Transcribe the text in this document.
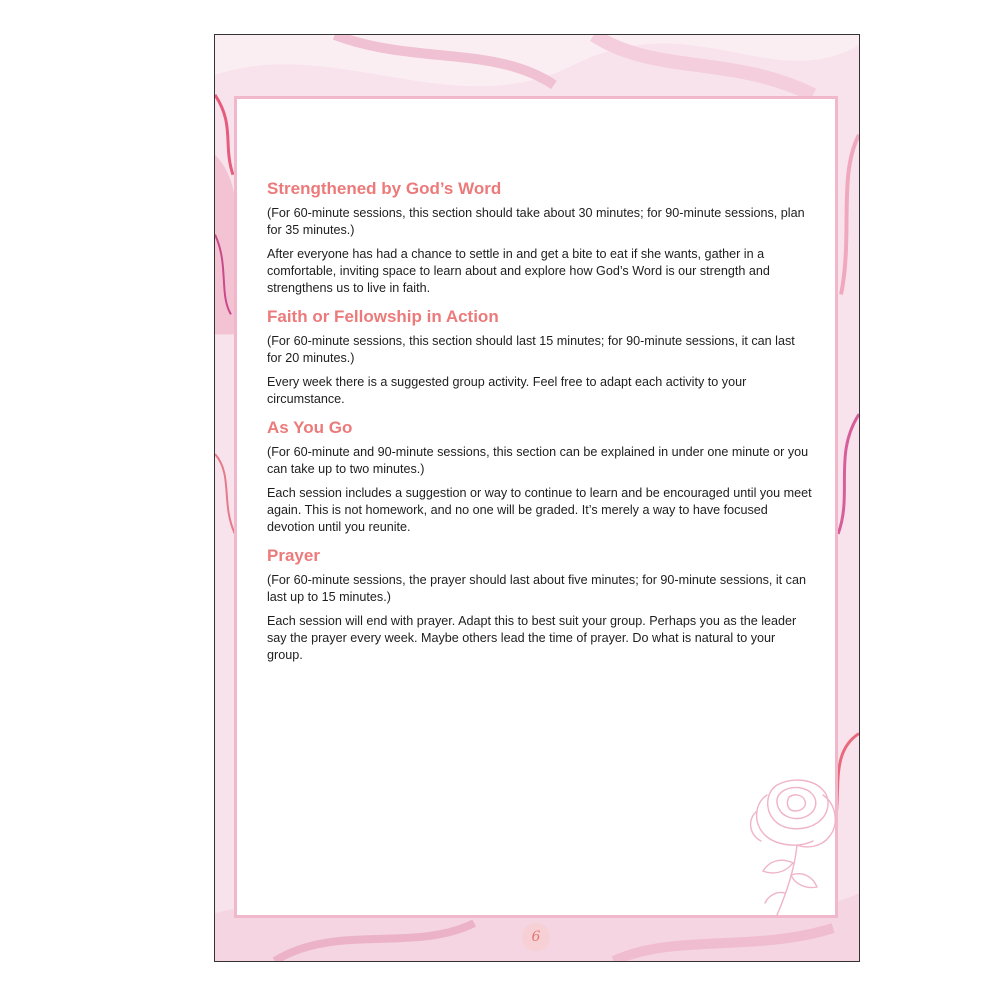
Strengthened by God’s Word

(For 60-minute sessions, this section should take about 30 minutes; for 90-minute sessions, plan for 35 minutes.)

After everyone has had a chance to settle in and get a bite to eat if she wants, gather in a comfortable, inviting space to learn about and explore how God’s Word is our strength and strengthens us to live in faith.

Faith or Fellowship in Action

(For 60-minute sessions, this section should last 15 minutes; for 90-minute sessions, it can last for 20 minutes.)

Every week there is a suggested group activity. Feel free to adapt each activity to your circumstance.

As You Go

(For 60-minute and 90-minute sessions, this section can be explained in under one minute or you can take up to two minutes.)

Each session includes a suggestion or way to continue to learn and be encouraged until you meet again. This is not homework, and no one will be graded. It’s merely a way to have focused devotion until you reunite.

Prayer

(For 60-minute sessions, the prayer should last about five minutes; for 90-minute sessions, it can last up to 15 minutes.)

Each session will end with prayer. Adapt this to best suit your group. Perhaps you as the leader say the prayer every week. Maybe others lead the time of prayer. Do what is natural to your group.

6
